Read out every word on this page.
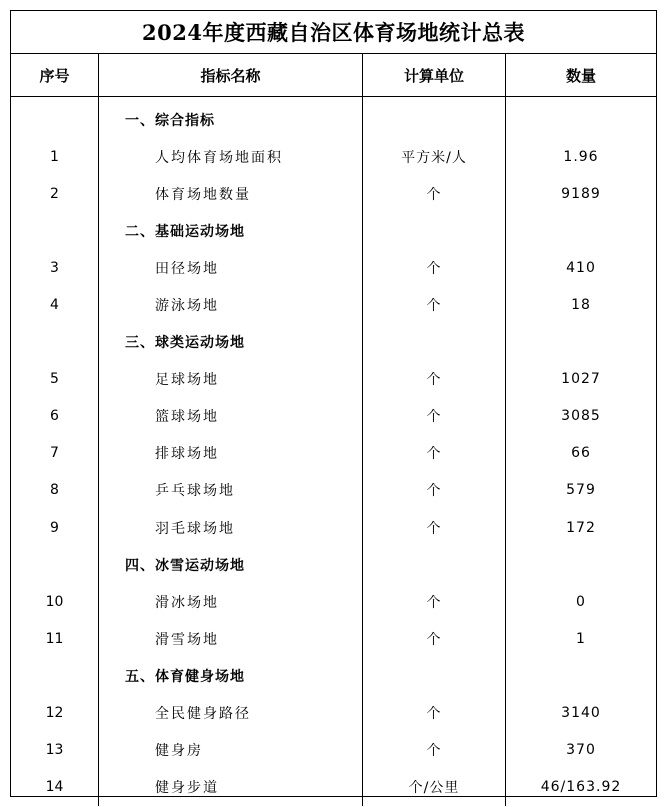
2024年度西藏自治区体育场地统计总表
序号	指标名称	计算单位	数量

	一、综合指标		
1	人均体育场地面积	平方米/人	1.96
2	体育场地数量	个	9189
	二、基础运动场地		
3	田径场地	个	410
4	游泳场地	个	18
	三、球类运动场地		
5	足球场地	个	1027
6	篮球场地	个	3085
7	排球场地	个	66
8	乒乓球场地	个	579
9	羽毛球场地	个	172
	四、冰雪运动场地		
10	滑冰场地	个	0
11	滑雪场地	个	1
	五、体育健身场地		
12	全民健身路径	个	3140
13	健身房	个	370
14	健身步道	个/公里	46/163.92
